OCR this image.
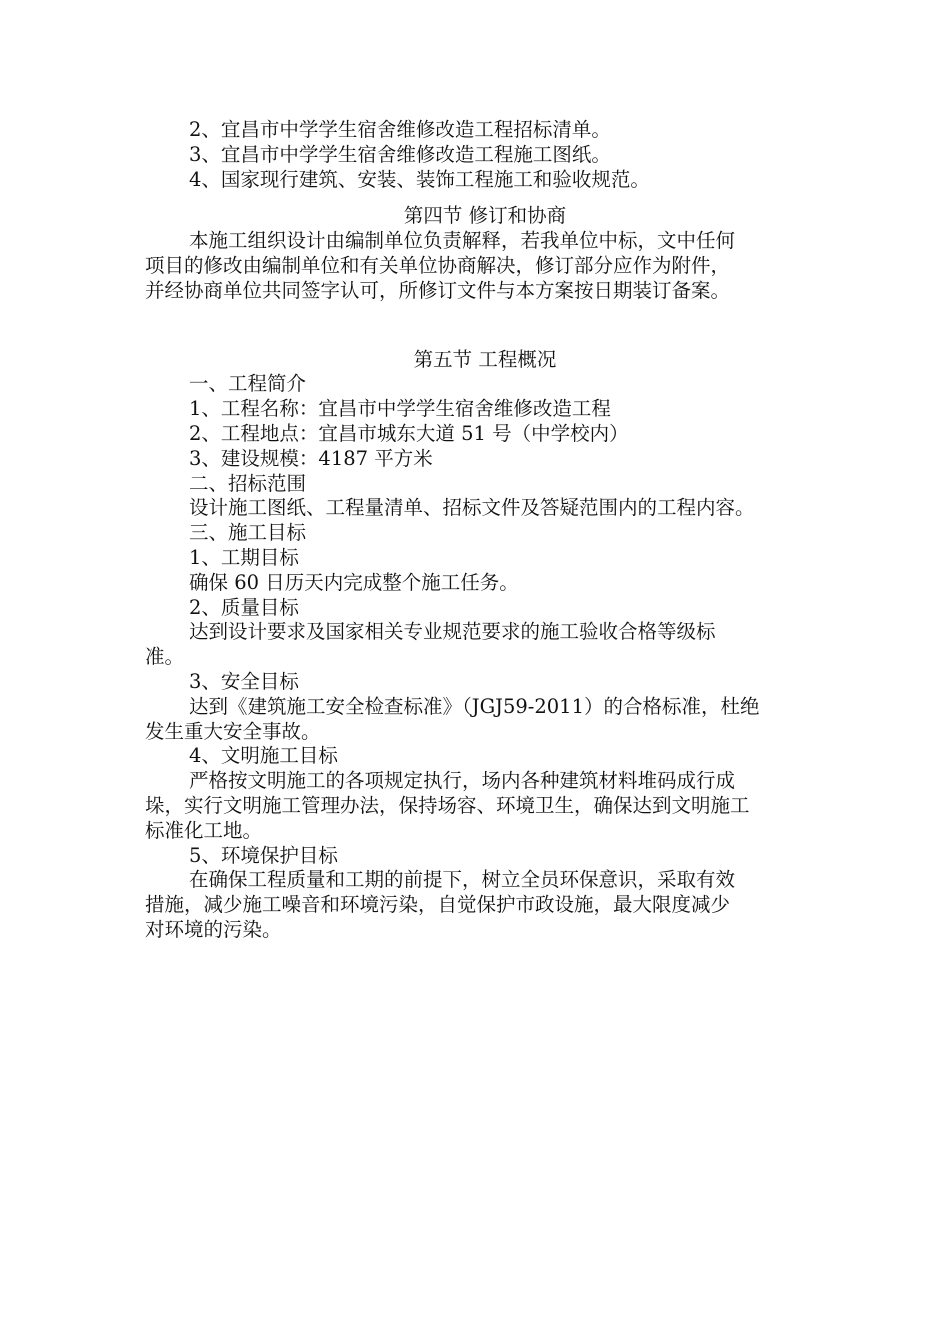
2、宜昌市中学学生宿舍维修改造工程招标清单。
3、宜昌市中学学生宿舍维修改造工程施工图纸。
4、国家现行建筑、安装、装饰工程施工和验收规范。
第四节 修订和协商
本施工组织设计由编制单位负责解释，若我单位中标，文中任何
项目的修改由编制单位和有关单位协商解决，修订部分应作为附件，
并经协商单位共同签字认可，所修订文件与本方案按日期装订备案。
第五节 工程概况
一、工程简介
1、工程名称：宜昌市中学学生宿舍维修改造工程
2、工程地点：宜昌市城东大道 51 号（中学校内）
3、建设规模：4187 平方米
二、招标范围
设计施工图纸、工程量清单、招标文件及答疑范围内的工程内容。
三、施工目标
1、工期目标
确保 60 日历天内完成整个施工任务。
2、质量目标
达到设计要求及国家相关专业规范要求的施工验收合格等级标
准。
3、安全目标
达到《建筑施工安全检查标准》（JGJ59-2011）的合格标准，杜绝
发生重大安全事故。
4、文明施工目标
严格按文明施工的各项规定执行，场内各种建筑材料堆码成行成
垛，实行文明施工管理办法，保持场容、环境卫生，确保达到文明施工
标准化工地。
5、环境保护目标
在确保工程质量和工期的前提下，树立全员环保意识，采取有效
措施，减少施工噪音和环境污染，自觉保护市政设施，最大限度减少
对环境的污染。
